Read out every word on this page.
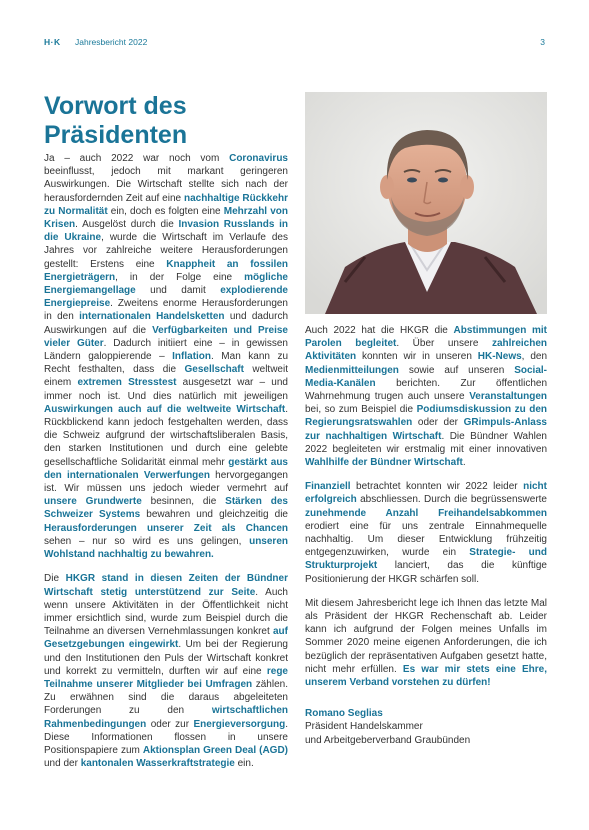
H·K Jahresbericht 2022	3
Vorwort des Präsidenten

Ja – auch 2022 war noch vom Coronavirus beeinflusst, jedoch mit markant geringeren Auswirkungen. Die Wirtschaft stellte sich nach der herausfordernden Zeit auf eine nachhaltige Rückkehr zu Normalität ein, doch es folgten eine Mehrzahl von Krisen. Ausgelöst durch die Invasion Russlands in die Ukraine, wurde die Wirtschaft im Verlaufe des Jahres vor zahlreiche weitere Herausforderungen gestellt: Erstens eine Knappheit an fossilen Energieträgern, in der Folge eine mögliche Energiemangellage und damit explodierende Energiepreise. Zweitens enorme Herausforderungen in den internationalen Handelsketten und dadurch Auswirkungen auf die Verfügbarkeiten und Preise vieler Güter. Dadurch initiiert eine – in gewissen Ländern galoppierende – Inflation. Man kann zu Recht festhalten, dass die Gesellschaft weltweit einem extremen Stresstest ausgesetzt war – und immer noch ist. Und dies natürlich mit jeweiligen Auswirkungen auch auf die weltweite Wirtschaft. Rückblickend kann jedoch festgehalten werden, dass die Schweiz aufgrund der wirtschaftsliberalen Basis, den starken Institutionen und durch eine gelebte gesellschaftliche Solidarität einmal mehr gestärkt aus den internationalen Verwerfungen hervorgegangen ist. Wir müssen uns jedoch wieder vermehrt auf unsere Grundwerte besinnen, die Stärken des Schweizer Systems bewahren und gleichzeitig die Herausforderungen unserer Zeit als Chancen sehen – nur so wird es uns gelingen, unseren Wohlstand nachhaltig zu bewahren.

Die HKGR stand in diesen Zeiten der Bündner Wirtschaft stetig unterstützend zur Seite. Auch wenn unsere Aktivitäten in der Öffentlichkeit nicht immer ersichtlich sind, wurde zum Beispiel durch die Teilnahme an diversen Vernehmlassungen konkret auf Gesetzgebungen eingewirkt. Um bei der Regierung und den Institutionen den Puls der Wirtschaft konkret und korrekt zu vermitteln, durften wir auf eine rege Teilnahme unserer Mitglieder bei Umfragen zählen. Zu erwähnen sind die daraus abgeleiteten Forderungen zu den wirtschaftlichen Rahmenbedingungen oder zur Energieversorgung. Diese Informationen flossen in unsere Positionspapiere zum Aktionsplan Green Deal (AGD) und der kantonalen Wasserkraftstrategie ein.

Auch 2022 hat die HKGR die Abstimmungen mit Parolen begleitet. Über unsere zahlreichen Aktivitäten konnten wir in unseren HK-News, den Medienmitteilungen sowie auf unseren Social-Media-Kanälen berichten. Zur öffentlichen Wahrnehmung trugen auch unsere Veranstaltungen bei, so zum Beispiel die Podiumsdiskussion zu den Regierungsratswahlen oder der GRimpuls-Anlass zur nachhaltigen Wirtschaft. Die Bündner Wahlen 2022 begleiteten wir erstmalig mit einer innovativen Wahlhilfe der Bündner Wirtschaft.

Finanziell betrachtet konnten wir 2022 leider nicht erfolgreich abschliessen. Durch die begrüssenswerte zunehmende Anzahl Freihandelsabkommen erodiert eine für uns zentrale Einnahmequelle nachhaltig. Um dieser Entwicklung frühzeitig entgegenzuwirken, wurde ein Strategie- und Strukturprojekt lanciert, das die künftige Positionierung der HKGR schärfen soll.

Mit diesem Jahresbericht lege ich Ihnen das letzte Mal als Präsident der HKGR Rechenschaft ab. Leider kann ich aufgrund der Folgen meines Unfalls im Sommer 2020 meine eigenen Anforderungen, die ich bezüglich der repräsentativen Aufgaben gesetzt hatte, nicht mehr erfüllen. Es war mir stets eine Ehre, unserem Verband vorstehen zu dürfen!

Romano Seglias

Präsident Handelskammer

und Arbeitgeberverband Graubünden
